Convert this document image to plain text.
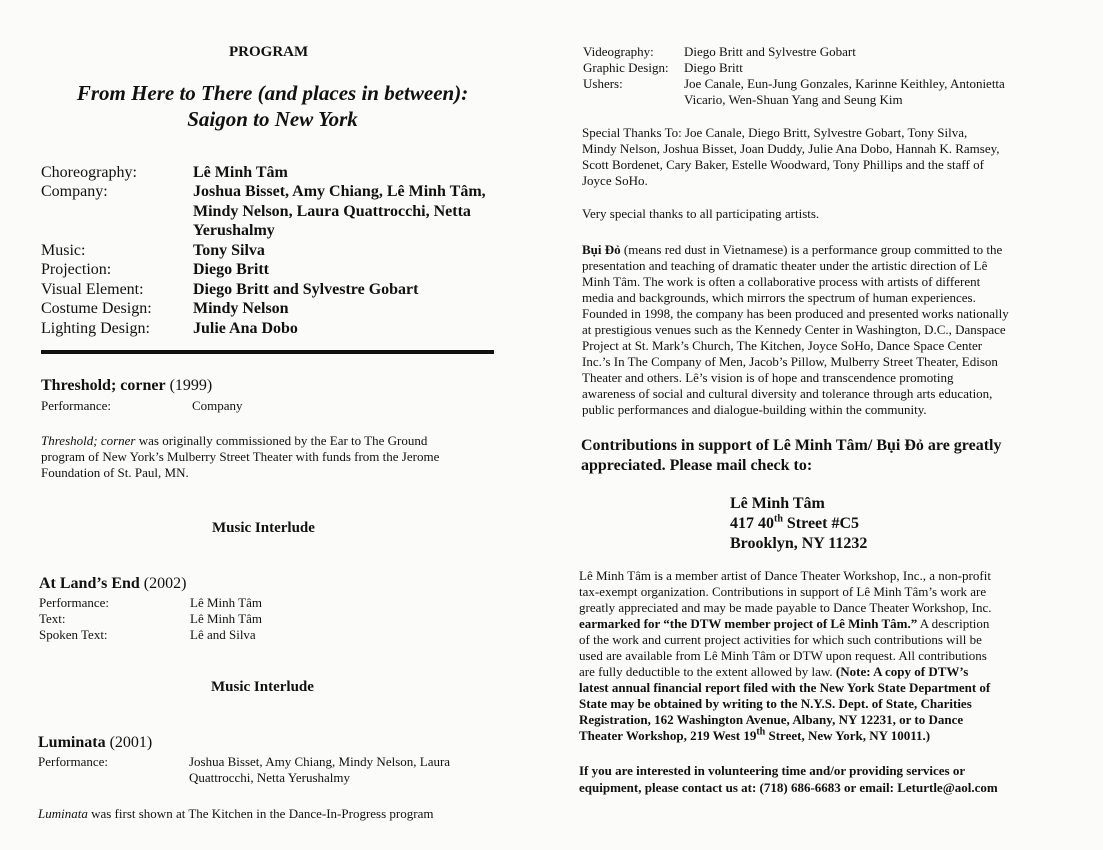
PROGRAM
From Here to There (and places in between):
Saigon to New York
Choreography:	Lê Minh Tâm
Company:	Joshua Bisset, Amy Chiang, Lê Minh Tâm,
Mindy Nelson, Laura Quattrocchi, Netta
Yerushalmy
Music:	Tony Silva
Projection:	Diego Britt
Visual Element:	Diego Britt and Sylvestre Gobart
Costume Design:	Mindy Nelson
Lighting Design:	Julie Ana Dobo
Threshold; corner (1999)
Performance:	Company
Threshold; corner was originally commissioned by the Ear to The Ground
program of New York’s Mulberry Street Theater with funds from the Jerome
Foundation of St. Paul, MN.
Music Interlude
At Land’s End (2002)
Performance:	Lê Minh Tâm
Text:	Lê Minh Tâm
Spoken Text:	Lê and Silva
Music Interlude
Luminata (2001)
Performance:	Joshua Bisset, Amy Chiang, Mindy Nelson, Laura
Quattrocchi, Netta Yerushalmy
Luminata was first shown at The Kitchen in the Dance-In-Progress program
Videography: Diego Britt and Sylvestre Gobart
Graphic Design: Diego Britt
Ushers:	Joe Canale, Eun-Jung Gonzales, Karinne Keithley, Antonietta
Vicario, Wen-Shuan Yang and Seung Kim
Special Thanks To: Joe Canale, Diego Britt, Sylvestre Gobart, Tony Silva,
Mindy Nelson, Joshua Bisset, Joan Duddy, Julie Ana Dobo, Hannah K. Ramsey,
Scott Bordenet, Cary Baker, Estelle Woodward, Tony Phillips and the staff of
Joyce SoHo.
Very special thanks to all participating artists.
Bụi Đỏ (means red dust in Vietnamese) is a performance group committed to the
presentation and teaching of dramatic theater under the artistic direction of Lê
Minh Tâm. The work is often a collaborative process with artists of different
media and backgrounds, which mirrors the spectrum of human experiences.
Founded in 1998, the company has been produced and presented works nationally
at prestigious venues such as the Kennedy Center in Washington, D.C., Danspace
Project at St. Mark’s Church, The Kitchen, Joyce SoHo, Dance Space Center
Inc.’s In The Company of Men, Jacob’s Pillow, Mulberry Street Theater, Edison
Theater and others. Lê’s vision is of hope and transcendence promoting
awareness of social and cultural diversity and tolerance through arts education,
public performances and dialogue-building within the community.
Contributions in support of Lê Minh Tâm/ Bụi Đỏ are greatly
appreciated. Please mail check to:
Lê Minh Tâm
417 40th Street #C5
Brooklyn, NY 11232
Lê Minh Tâm is a member artist of Dance Theater Workshop, Inc., a non-profit
tax-exempt organization. Contributions in support of Lê Minh Tâm’s work are
greatly appreciated and may be made payable to Dance Theater Workshop, Inc.
earmarked for “the DTW member project of Lê Minh Tâm.” A description
of the work and current project activities for which such contributions will be
used are available from Lê Minh Tâm or DTW upon request. All contributions
are fully deductible to the extent allowed by law. (Note: A copy of DTW’s
latest annual financial report filed with the New York State Department of
State may be obtained by writing to the N.Y.S. Dept. of State, Charities
Registration, 162 Washington Avenue, Albany, NY 12231, or to Dance
Theater Workshop, 219 West 19th Street, New York, NY 10011.)
If you are interested in volunteering time and/or providing services or
equipment, please contact us at: (718) 686-6683 or email: Leturtle@aol.com
